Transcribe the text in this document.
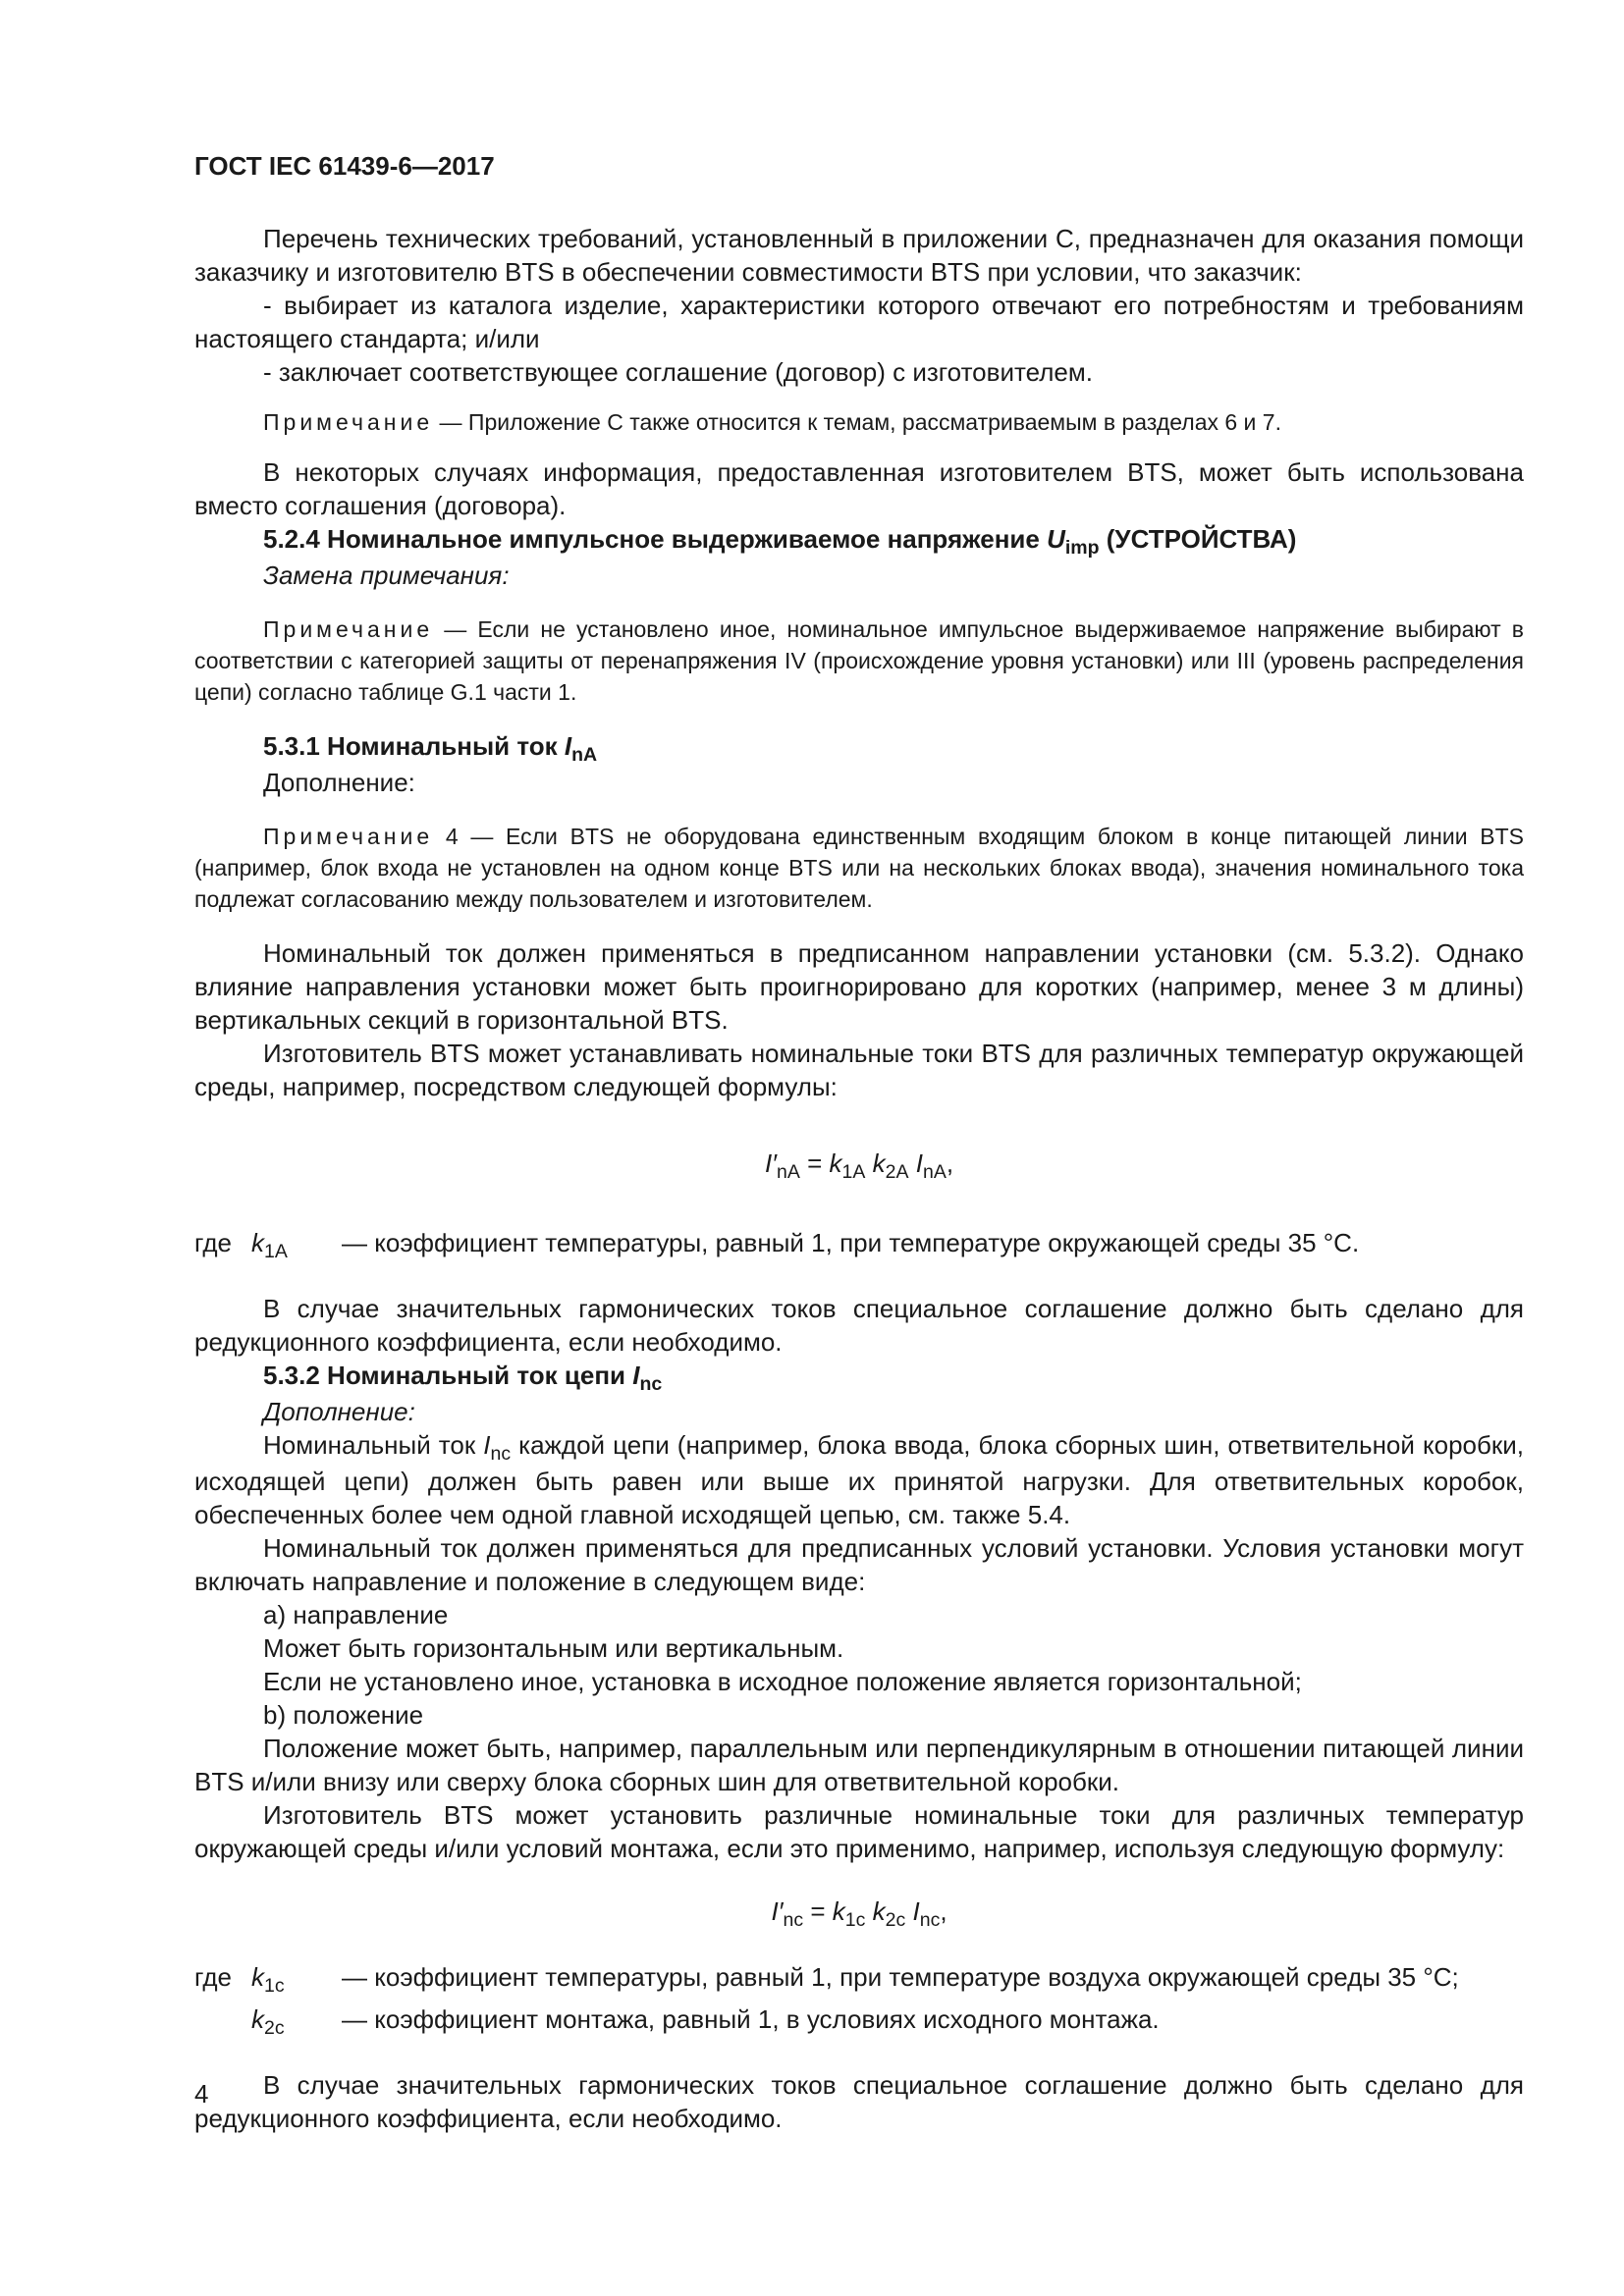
ГОСТ IEC 61439-6—2017

Перечень технических требований, установленный в приложении C, предназначен для оказания помощи заказчику и изготовителю BTS в обеспечении совместимости BTS при условии, что заказчик:

- выбирает из каталога изделие, характеристики которого отвечают его потребностям и требованиям настоящего стандарта; и/или

- заключает соответствующее соглашение (договор) с изготовителем.

Примечание — Приложение C также относится к темам, рассматриваемым в разделах 6 и 7.

В некоторых случаях информация, предоставленная изготовителем BTS, может быть использована вместо соглашения (договора).

5.2.4 Номинальное импульсное выдерживаемое напряжение $U_{imp}$ (УСТРОЙСТВА)

Замена примечания:

Примечание — Если не установлено иное, номинальное импульсное выдерживаемое напряжение выбирают в соответствии с категорией защиты от перенапряжения IV (происхождение уровня установки) или III (уровень распределения цепи) согласно таблице G.1 части 1.

5.3.1 Номинальный ток $I_{nA}$

Дополнение:

Примечание 4 — Если BTS не оборудована единственным входящим блоком в конце питающей линии BTS (например, блок входа не установлен на одном конце BTS или на нескольких блоках ввода), значения номинального тока подлежат согласованию между пользователем и изготовителем.

Номинальный ток должен применяться в предписанном направлении установки (см. 5.3.2). Однако влияние направления установки может быть проигнорировано для коротких (например, менее 3 м длины) вертикальных секций в горизонтальной BTS.

Изготовитель BTS может устанавливать номинальные токи BTS для различных температур окружающей среды, например, посредством следующей формулы:

$I'_{nA} = k_{1A}$ $k_{2A}$ $I_{nA}$,

где $k_{1A}$	— коэффициент температуры, равный 1, при температуре окружающей среды 35 °С.

В случае значительных гармонических токов специальное соглашение должно быть сделано для редукционного коэффициента, если необходимо.

5.3.2 Номинальный ток цепи $I_{nc}$

Дополнение:

Номинальный ток $I_{nc}$ каждой цепи (например, блока ввода, блока сборных шин, ответвительной коробки, исходящей цепи) должен быть равен или выше их принятой нагрузки. Для ответвительных коробок, обеспеченных более чем одной главной исходящей цепью, см. также 5.4.

Номинальный ток должен применяться для предписанных условий установки. Условия установки могут включать направление и положение в следующем виде:

а) направление

Может быть горизонтальным или вертикальным.

Если не установлено иное, установка в исходное положение является горизонтальной;

b) положение

Положение может быть, например, параллельным или перпендикулярным в отношении питающей линии BTS и/или внизу или сверху блока сборных шин для ответвительной коробки.

Изготовитель BTS может установить различные номинальные токи для различных температур окружающей среды и/или условий монтажа, если это применимо, например, используя следующую формулу:

$I'_{nc} = k_{1c}$ $k_{2c}$ $I_{nc}$,

где $k_{1c}$	— коэффициент температуры, равный 1, при температуре воздуха окружающей среды 35 °С;
$k_{2c}$	— коэффициент монтажа, равный 1, в условиях исходного монтажа.

В случае значительных гармонических токов специальное соглашение должно быть сделано для редукционного коэффициента, если необходимо.

4
